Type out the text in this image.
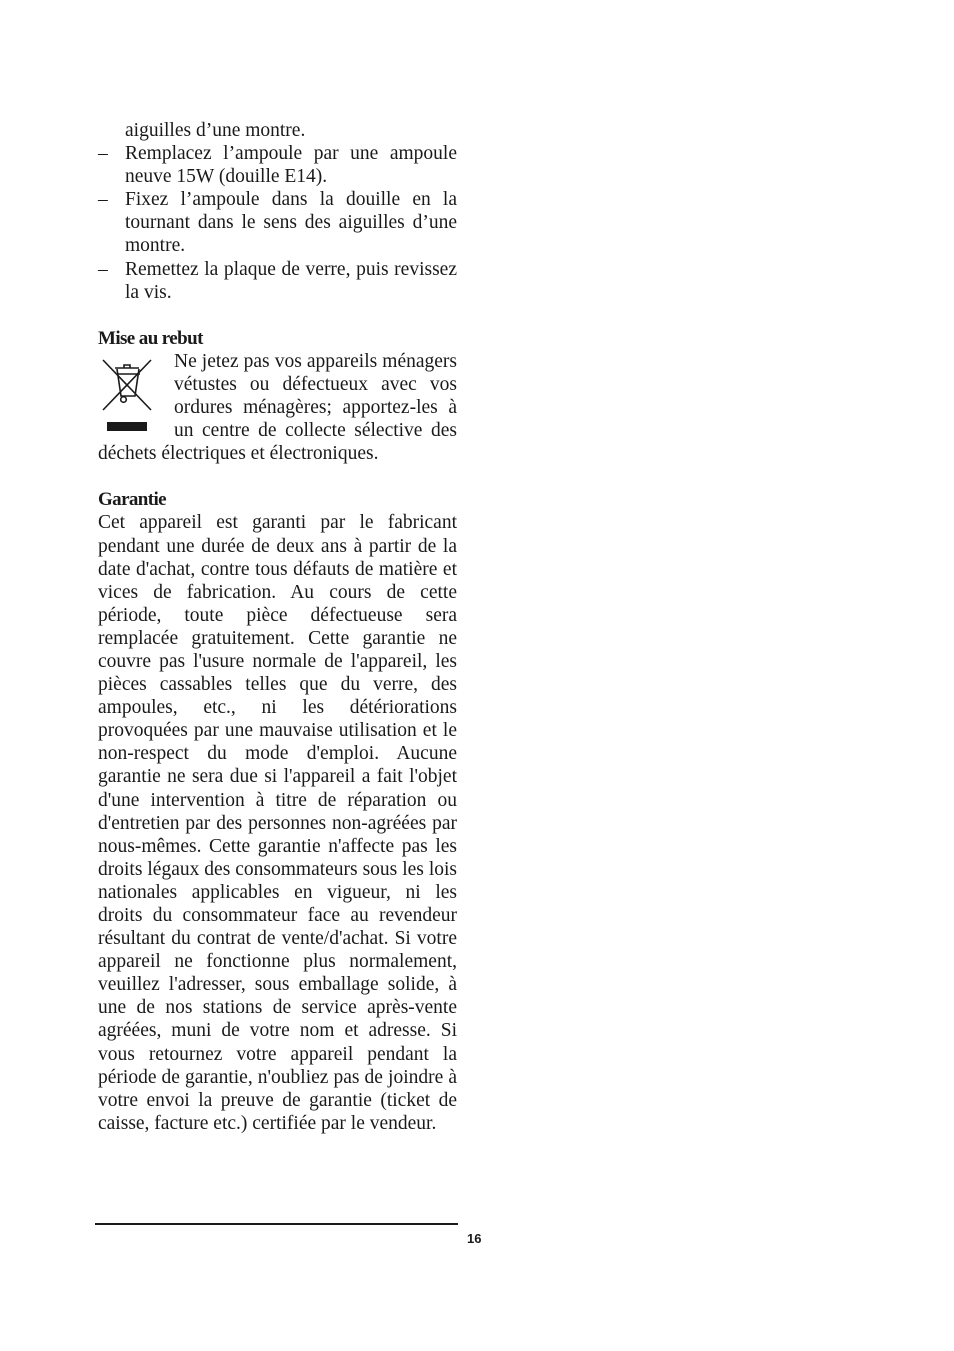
aiguilles d’une montre.

– Remplacez l’ampoule par une ampoule neuve 15W (douille E14).
– Fixez l’ampoule dans la douille en la tournant dans le sens des aiguilles d’une montre.
– Remettez la plaque de verre, puis revissez la vis.
Mise au rebut

Ne jetez pas vos appareils ménagers vétustes ou défectueux avec vos ordures ménagères; apportez-les à un centre de collecte sélective des déchets électriques et électroniques.

Garantie

Cet appareil est garanti par le fabricant pendant une durée de deux ans à partir de la date d'achat, contre tous défauts de matière et vices de fabrication. Au cours de cette période, toute pièce défectueuse sera remplacée gratuitement. Cette garantie ne couvre pas l'usure normale de l'appareil, les pièces cassables telles que du verre, des ampoules, etc., ni les détériorations provoquées par une mauvaise utilisation et le non-respect du mode d'emploi. Aucune garantie ne sera due si l'appareil a fait l'objet d'une intervention à titre de réparation ou d'entretien par des personnes non-agréées par nous-mêmes. Cette garantie n'affecte pas les droits légaux des consommateurs sous les lois nationales applicables en vigueur, ni les droits du consommateur face au revendeur résultant du contrat de vente/d'achat. Si votre appareil ne fonctionne plus normalement, veuillez l'adresser, sous emballage solide, à une de nos stations de service après-vente agréées, muni de votre nom et adresse. Si vous retournez votre appareil pendant la période de garantie, n'oubliez pas de joindre à votre envoi la preuve de garantie (ticket de caisse, facture etc.) certifiée par le vendeur.

16
